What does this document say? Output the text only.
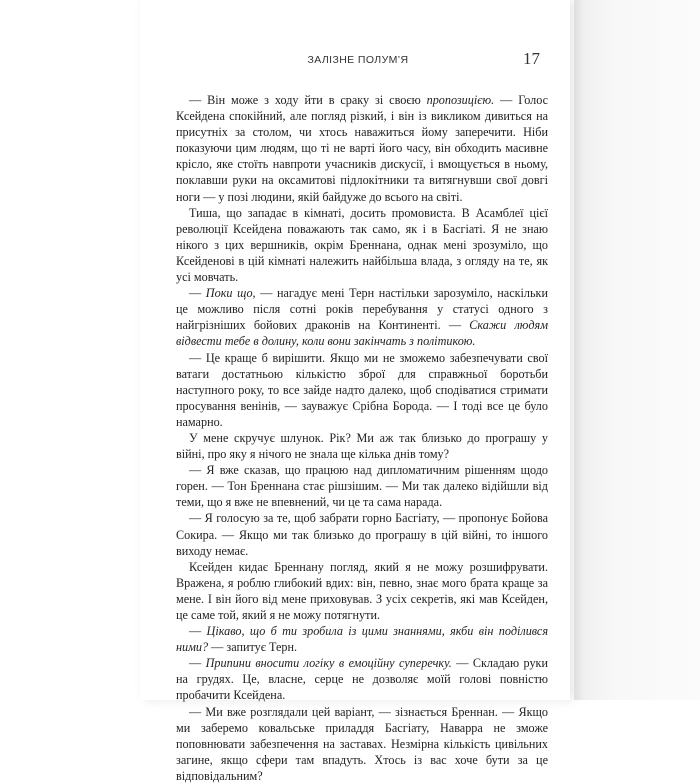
ЗАЛІЗНЕ ПОЛУМ’Я	17

— Він може з ходу йти в сраку зі своєю пропозицією. — Голос Ксейдена спокійний, але погляд різкий, і він із викликом дивиться на присутніх за столом, чи хтось наважиться йому заперечити. Ніби показуючи цим людям, що ті не варті його часу, він обходить масивне крісло, яке стоїть навпроти учасників дискусії, і вмощується в ньому, поклавши руки на оксамитові підлокітники та витягнувши свої довгі ноги — у позі людини, якій байдуже до всього на світі.

Тиша, що западає в кімнаті, досить промовиста. В Асамблеї цієї революції Ксейдена поважають так само, як і в Басгіаті. Я не знаю нікого з цих вершників, окрім Бреннана, однак мені зрозуміло, що Ксейденові в цій кімнаті належить найбільша влада, з огляду на те, як усі мовчать.

— Поки що, — нагадує мені Терн настільки зарозуміло, наскільки це можливо після сотні років перебування у статусі одного з найгрізніших бойових драконів на Континенті. — Скажи людям відвести тебе в долину, коли вони закінчать з політикою.

— Це краще б вирішити. Якщо ми не зможемо забезпечувати свої ватаги достатньою кількістю зброї для справжньої боротьби наступного року, то все зайде надто далеко, щоб сподіватися стримати просування венінів, — зауважує Срібна Борода. — І тоді все це було намарно.

У мене скручує шлунок. Рік? Ми аж так близько до програшу у війні, про яку я нічого не знала ще кілька днів тому?

— Я вже сказав, що працюю над дипломатичним рішенням щодо горен. — Тон Бреннана стає рішзішим. — Ми так далеко відійшли від теми, що я вже не впевнений, чи це та сама нарада.

— Я голосую за те, щоб забрати горно Басгіату, — пропонує Бойова Сокира. — Якщо ми так близько до програшу в цій війні, то іншого виходу немає.

Ксейден кидає Бреннану погляд, який я не можу розшифрувати. Вражена, я роблю глибокий вдих: він, певно, знає мого брата краще за мене. І він його від мене приховував. З усіх секретів, які мав Ксейден, це саме той, який я не можу потягнути.

— Цікаво, що б ти зробила із цими знаннями, якби він поділився ними? — запитує Терн.

— Припини вносити логіку в емоційну суперечку. — Складаю руки на грудях. Це, власне, серце не дозволяє моїй голові повністю пробачити Ксейдена.

— Ми вже розглядали цей варіант, — зізнається Бреннан. — Якщо ми заберемо ковальське приладдя Басгіату, Наварра не зможе поповнювати забезпечення на заставах. Незмірна кількість цивільних загине, якщо сфери там впадуть. Хтось із вас хоче бути за це відповідальним?
